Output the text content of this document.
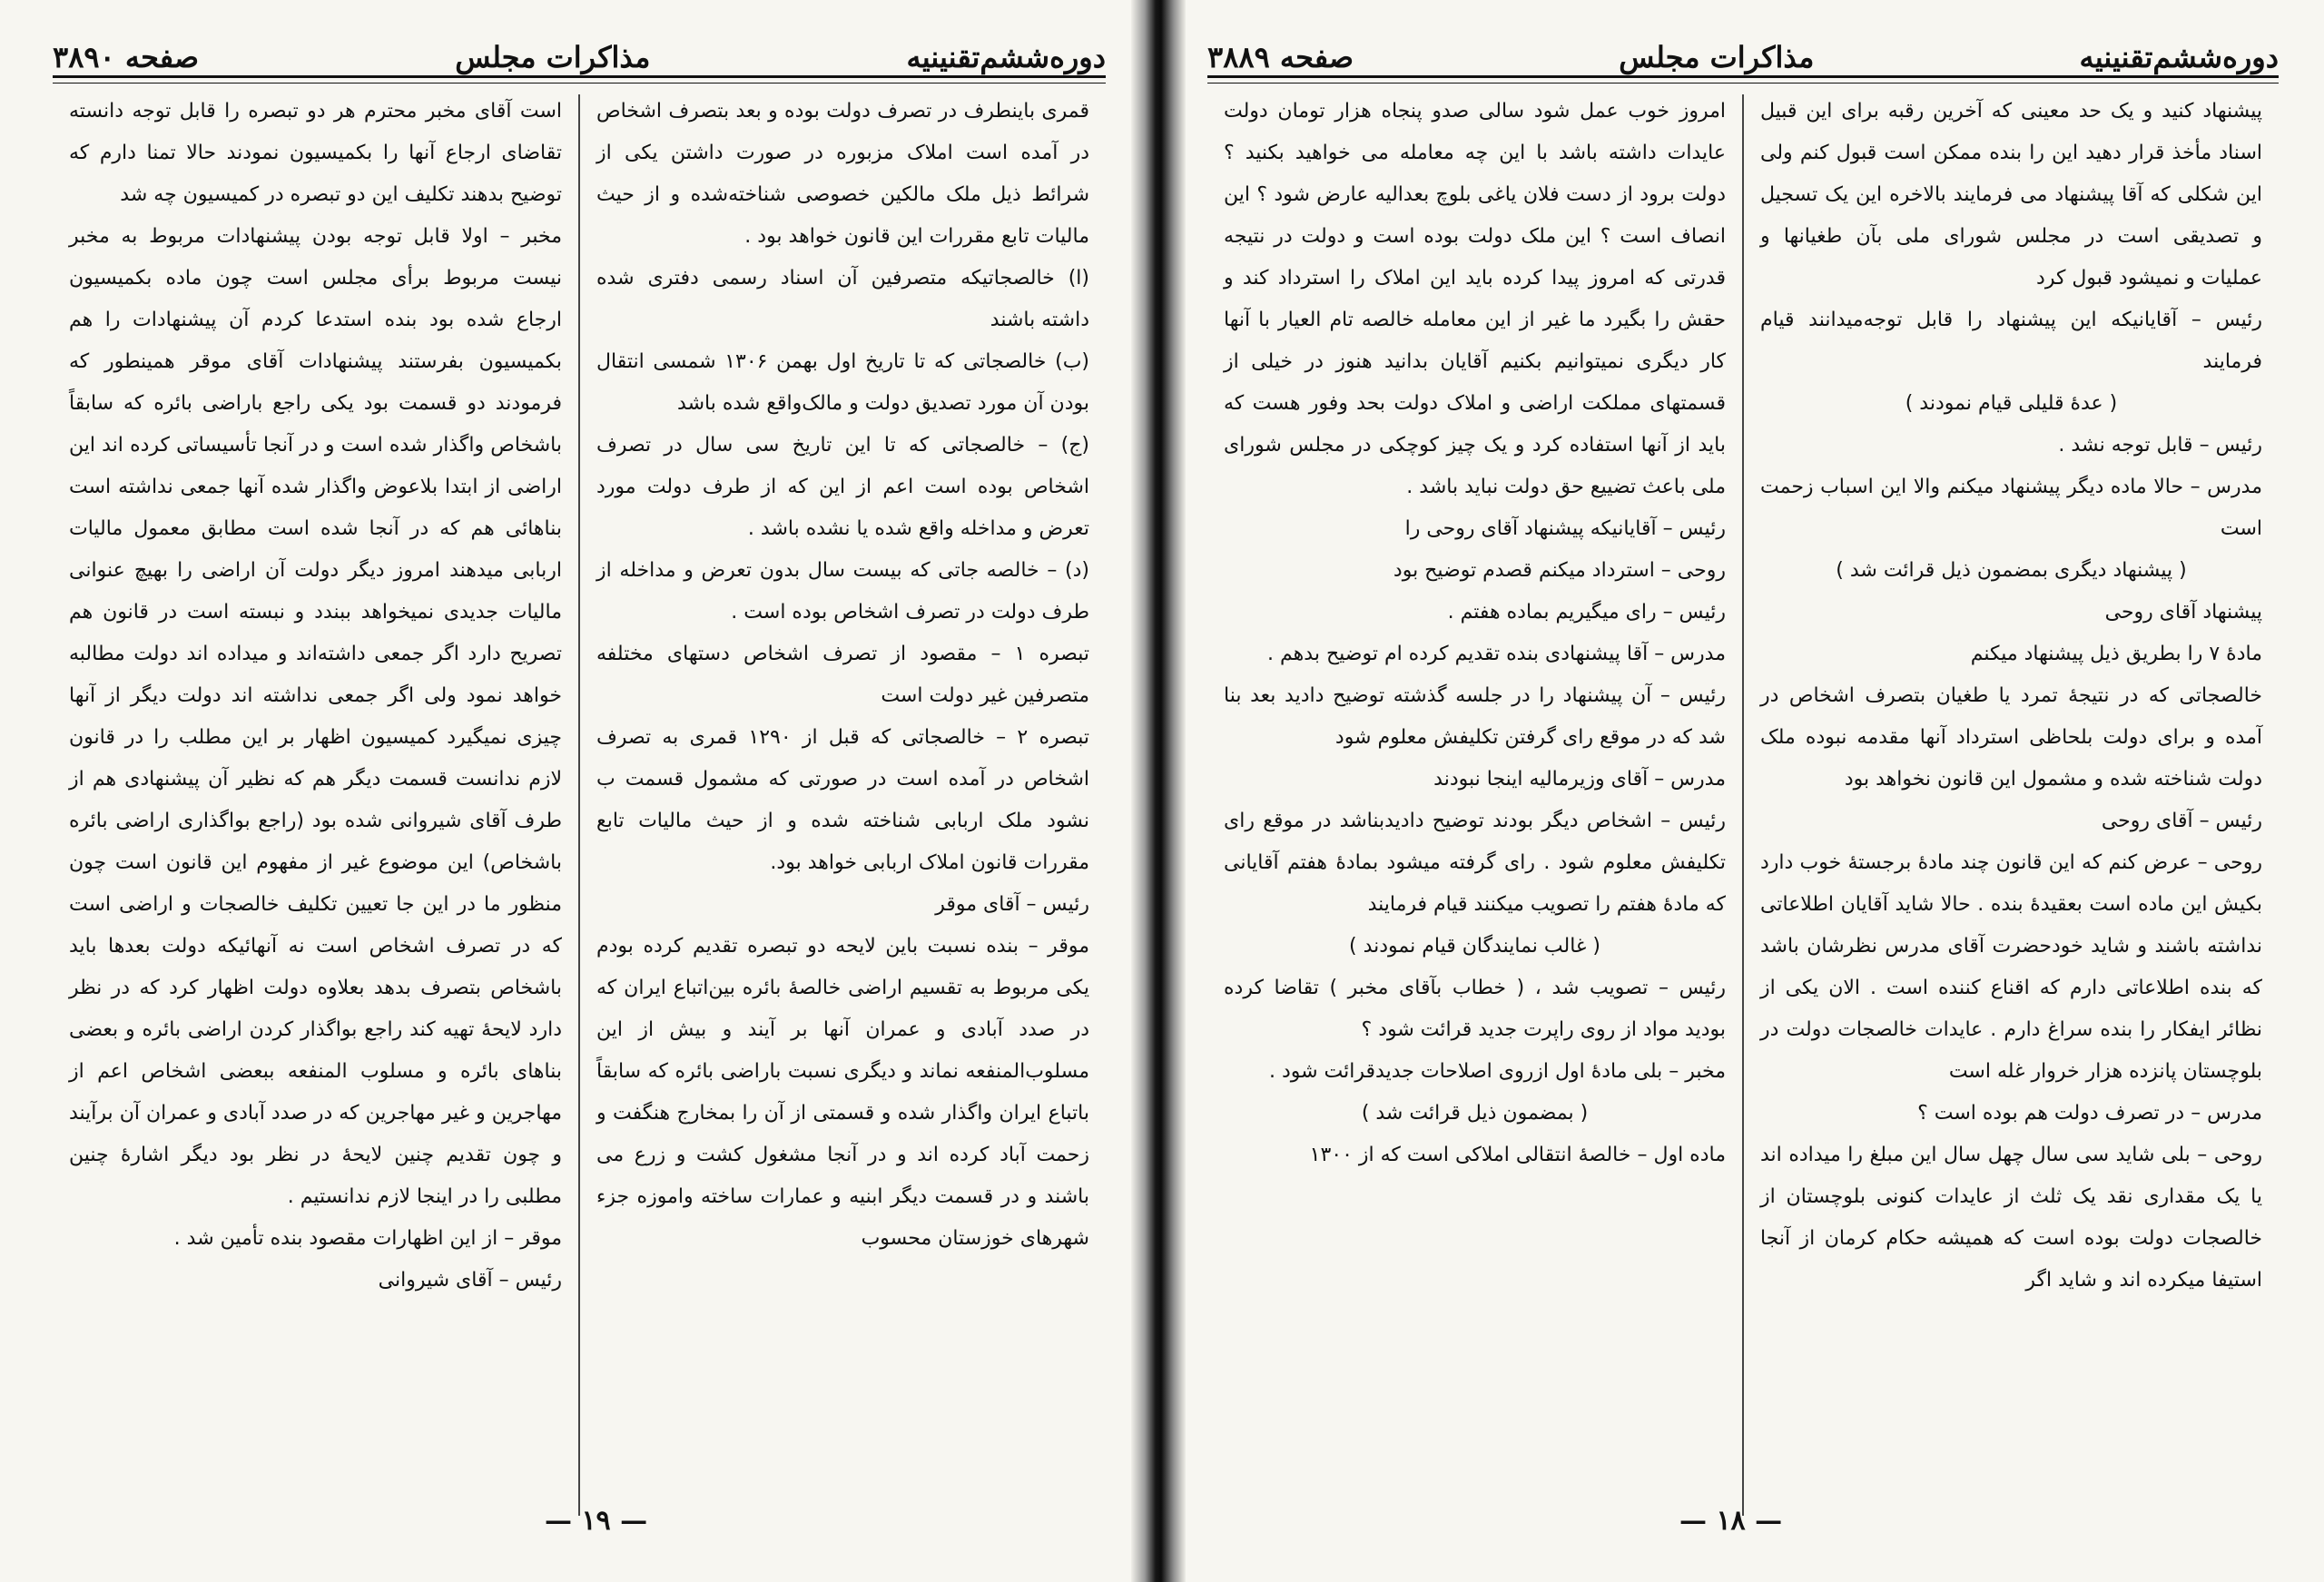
دوره‌ششم‌تقنینیه
مذاکرات مجلس
صفحه ۳۸۹۰

قمری باینطرف در تصرف دولت بوده و بعد بتصرف اشخاص در آمده است املاک مزبوره در صورت داشتن یکی از شرائط ذیل ملک مالکین خصوصی شناخته‌شده و از حیث مالیات تابع مقررات این قانون خواهد بود .

(ا) خالصجاتیکه متصرفین آن اسناد رسمی دفتری شده داشته باشند

(ب) خالصجاتی که تا تاریخ اول بهمن ۱۳۰۶ شمسی انتقال بودن آن مورد تصدیق دولت و مالک‌واقع شده باشد

(ج) – خالصجاتی که تا این تاریخ سی سال در تصرف اشخاص بوده است اعم از این که از طرف دولت مورد تعرض و مداخله واقع شده یا نشده باشد .

(د) – خالصه جاتی که بیست سال بدون تعرض و مداخله از طرف دولت در تصرف اشخاص بوده است .

تبصره ۱ – مقصود از تصرف اشخاص دستهای مختلفه متصرفین غیر دولت است

تبصره ۲ – خالصجاتی که قبل از ۱۲۹۰ قمری به تصرف اشخاص در آمده است در صورتی که مشمول قسمت ب نشود ملک اربابی شناخته شده و از حیث مالیات تابع مقررات قانون املاک اربابی خواهد بود.

رئیس – آقای موقر

موقر – بنده نسبت باین لایحه دو تبصره تقدیم کرده بودم یکی مربوط به تقسیم اراضی خالصهٔ بائره بین‌اتباع ایران که در صدد آبادی و عمران آنها بر آیند و بیش از این مسلوب‌المنفعه نماند و دیگری نسبت باراضی بائره که سابقاً باتباع ایران واگذار شده و قسمتی از آن را بمخارج هنگفت و زحمت آباد کرده اند و در آنجا مشغول کشت و زرع می باشند و در قسمت دیگر ابنیه و عمارات ساخته واموزه جزء شهرهای خوزستان محسوب

است آقای مخبر محترم هر دو تبصره را قابل توجه دانسته تقاضای ارجاع آنها را بکمیسیون نمودند حالا تمنا دارم که توضیح بدهند تکلیف این دو تبصره در کمیسیون چه شد

مخبر – اولا قابل توجه بودن پیشنهادات مربوط به مخبر نیست مربوط برأی مجلس است چون ماده بکمیسیون ارجاع شده بود بنده استدعا کردم آن پیشنهادات را هم بکمیسیون بفرستند پیشنهادات آقای موقر همینطور که فرمودند دو قسمت بود یکی راجع باراضی بائره که سابقاً باشخاص واگذار شده است و در آنجا تأسیساتی کرده اند این اراضی از ابتدا بلاعوض واگذار شده آنها جمعی نداشته است بناهائی هم که در آنجا شده است مطابق معمول مالیات اربابی میدهند امروز دیگر دولت آن اراضی را بهیچ عنوانی مالیات جدیدی نمیخواهد ببندد و نبسته است در قانون هم تصریح دارد اگر جمعی داشته‌اند و میداده اند دولت مطالبه خواهد نمود ولی اگر جمعی نداشته اند دولت دیگر از آنها چیزی نمیگیرد کمیسیون اظهار بر این مطلب را در قانون لازم ندانست قسمت دیگر هم که نظیر آن پیشنهادی هم از طرف آقای شیروانی شده بود (راجع بواگذاری اراضی بائره باشخاص) این موضوع غیر از مفهوم این قانون است چون منظور ما در این جا تعیین تکلیف خالصجات و اراضی است که در تصرف اشخاص است نه آنهائیکه دولت بعدها باید باشخاص بتصرف بدهد بعلاوه دولت اظهار کرد که در نظر دارد لایحهٔ تهیه کند راجع بواگذار کردن اراضی بائره و بعضی بناهای بائره و مسلوب المنفعه ببعضی اشخاص اعم از مهاجرین و غیر مهاجرین که در صدد آبادی و عمران آن برآیند و چون تقدیم چنین لایحهٔ در نظر بود دیگر اشارهٔ چنین مطلبی را در اینجا لازم ندانستیم .

موقر – از این اظهارات مقصود بنده تأمین شد .

رئیس – آقای شیروانی

— ۱۹ —
دوره‌ششم‌تقنینیه
مذاکرات مجلس
صفحه ۳۸۸۹

پیشنهاد کنید و یک حد معینی که آخرین رقبه برای این قبیل اسناد مأخذ قرار دهید این را بنده ممکن است قبول کنم ولی این شکلی که آقا پیشنهاد می فرمایند بالاخره این یک تسجیل و تصدیقی است در مجلس شورای ملی بآن طغیانها و عملیات و نمیشود قبول کرد

رئیس – آقایانیکه این پیشنهاد را قابل توجه‌میدانند قیام فرمایند

( عدهٔ قلیلی قیام نمودند )

رئیس – قابل توجه نشد .

مدرس – حالا ماده دیگر پیشنهاد میکنم والا این اسباب زحمت است

( پیشنهاد دیگری بمضمون ذیل قرائت شد )

پیشنهاد آقای روحی

مادهٔ ۷ را بطریق ذیل پیشنهاد میکنم

خالصجاتی که در نتیجهٔ تمرد یا طغیان بتصرف اشخاص در آمده و برای دولت بلحاظی استرداد آنها مقدمه نبوده ملک دولت شناخته شده و مشمول این قانون نخواهد بود

رئیس – آقای روحی

روحی – عرض کنم که این قانون چند مادهٔ برجستهٔ خوب دارد بکیش این ماده است بعقیدهٔ بنده . حالا شاید آقایان اطلاعاتی نداشته باشند و شاید خودحضرت آقای مدرس نظرشان باشد که بنده اطلاعاتی دارم که اقناع کننده است . الان یکی از نظائر ایفکار را بنده سراغ دارم . عایدات خالصجات دولت در بلوچستان پانزده هزار خروار غله است

مدرس – در تصرف دولت هم بوده است ؟

روحی – بلی شاید سی سال چهل سال این مبلغ را میداده اند یا یک مقداری نقد یک ثلث از عایدات کنونی بلوچستان از خالصجات دولت بوده است که همیشه حکام کرمان از آنجا استیفا میکرده اند و شاید اگر

امروز خوب عمل شود سالی صدو پنجاه هزار تومان دولت عایدات داشته باشد با این چه معامله می خواهید بکنید ؟ دولت برود از دست فلان یاغی بلوچ بعدالیه عارض شود ؟ این انصاف است ؟ این ملک دولت بوده است و دولت در نتیجه قدرتی که امروز پیدا کرده باید این املاک را استرداد کند و حقش را بگیرد ما غیر از این معامله خالصه تام العیار با آنها کار دیگری نمیتوانیم بکنیم آقایان بدانید هنوز در خیلی از قسمتهای مملکت اراضی و املاک دولت بحد وفور هست که باید از آنها استفاده کرد و یک چیز کوچکی در مجلس شورای ملی باعث تضییع حق دولت نباید باشد .

رئیس – آقایانیکه پیشنهاد آقای روحی را

روحی – استرداد میکنم قصدم توضیح بود

رئیس – رای میگیریم بماده هفتم .

مدرس – آقا پیشنهادی بنده تقدیم کرده ام توضیح بدهم .

رئیس – آن پیشنهاد را در جلسه گذشته توضیح دادید بعد بنا شد که در موقع رای گرفتن تکلیفش معلوم شود

مدرس – آقای وزیرمالیه اینجا نبودند

رئیس – اشخاص دیگر بودند توضیح دادید‌بناشد در موقع رای تکلیفش معلوم شود . رای گرفته میشود بمادهٔ هفتم آقایانی که مادهٔ هفتم را تصویب میکنند قیام فرمایند

( غالب نمایندگان قیام نمودند )

رئیس – تصویب شد ، ( خطاب بآقای مخبر ) تقاضا کرده بودید مواد از روی راپرت جدید قرائت شود ؟

مخبر – بلی مادهٔ اول ازروی اصلاحات جدیدقرائت شود .

( بمضمون ذیل قرائت شد )

ماده اول – خالصهٔ انتقالی املاکی است که از ۱۳۰۰

— ۱۸ —
